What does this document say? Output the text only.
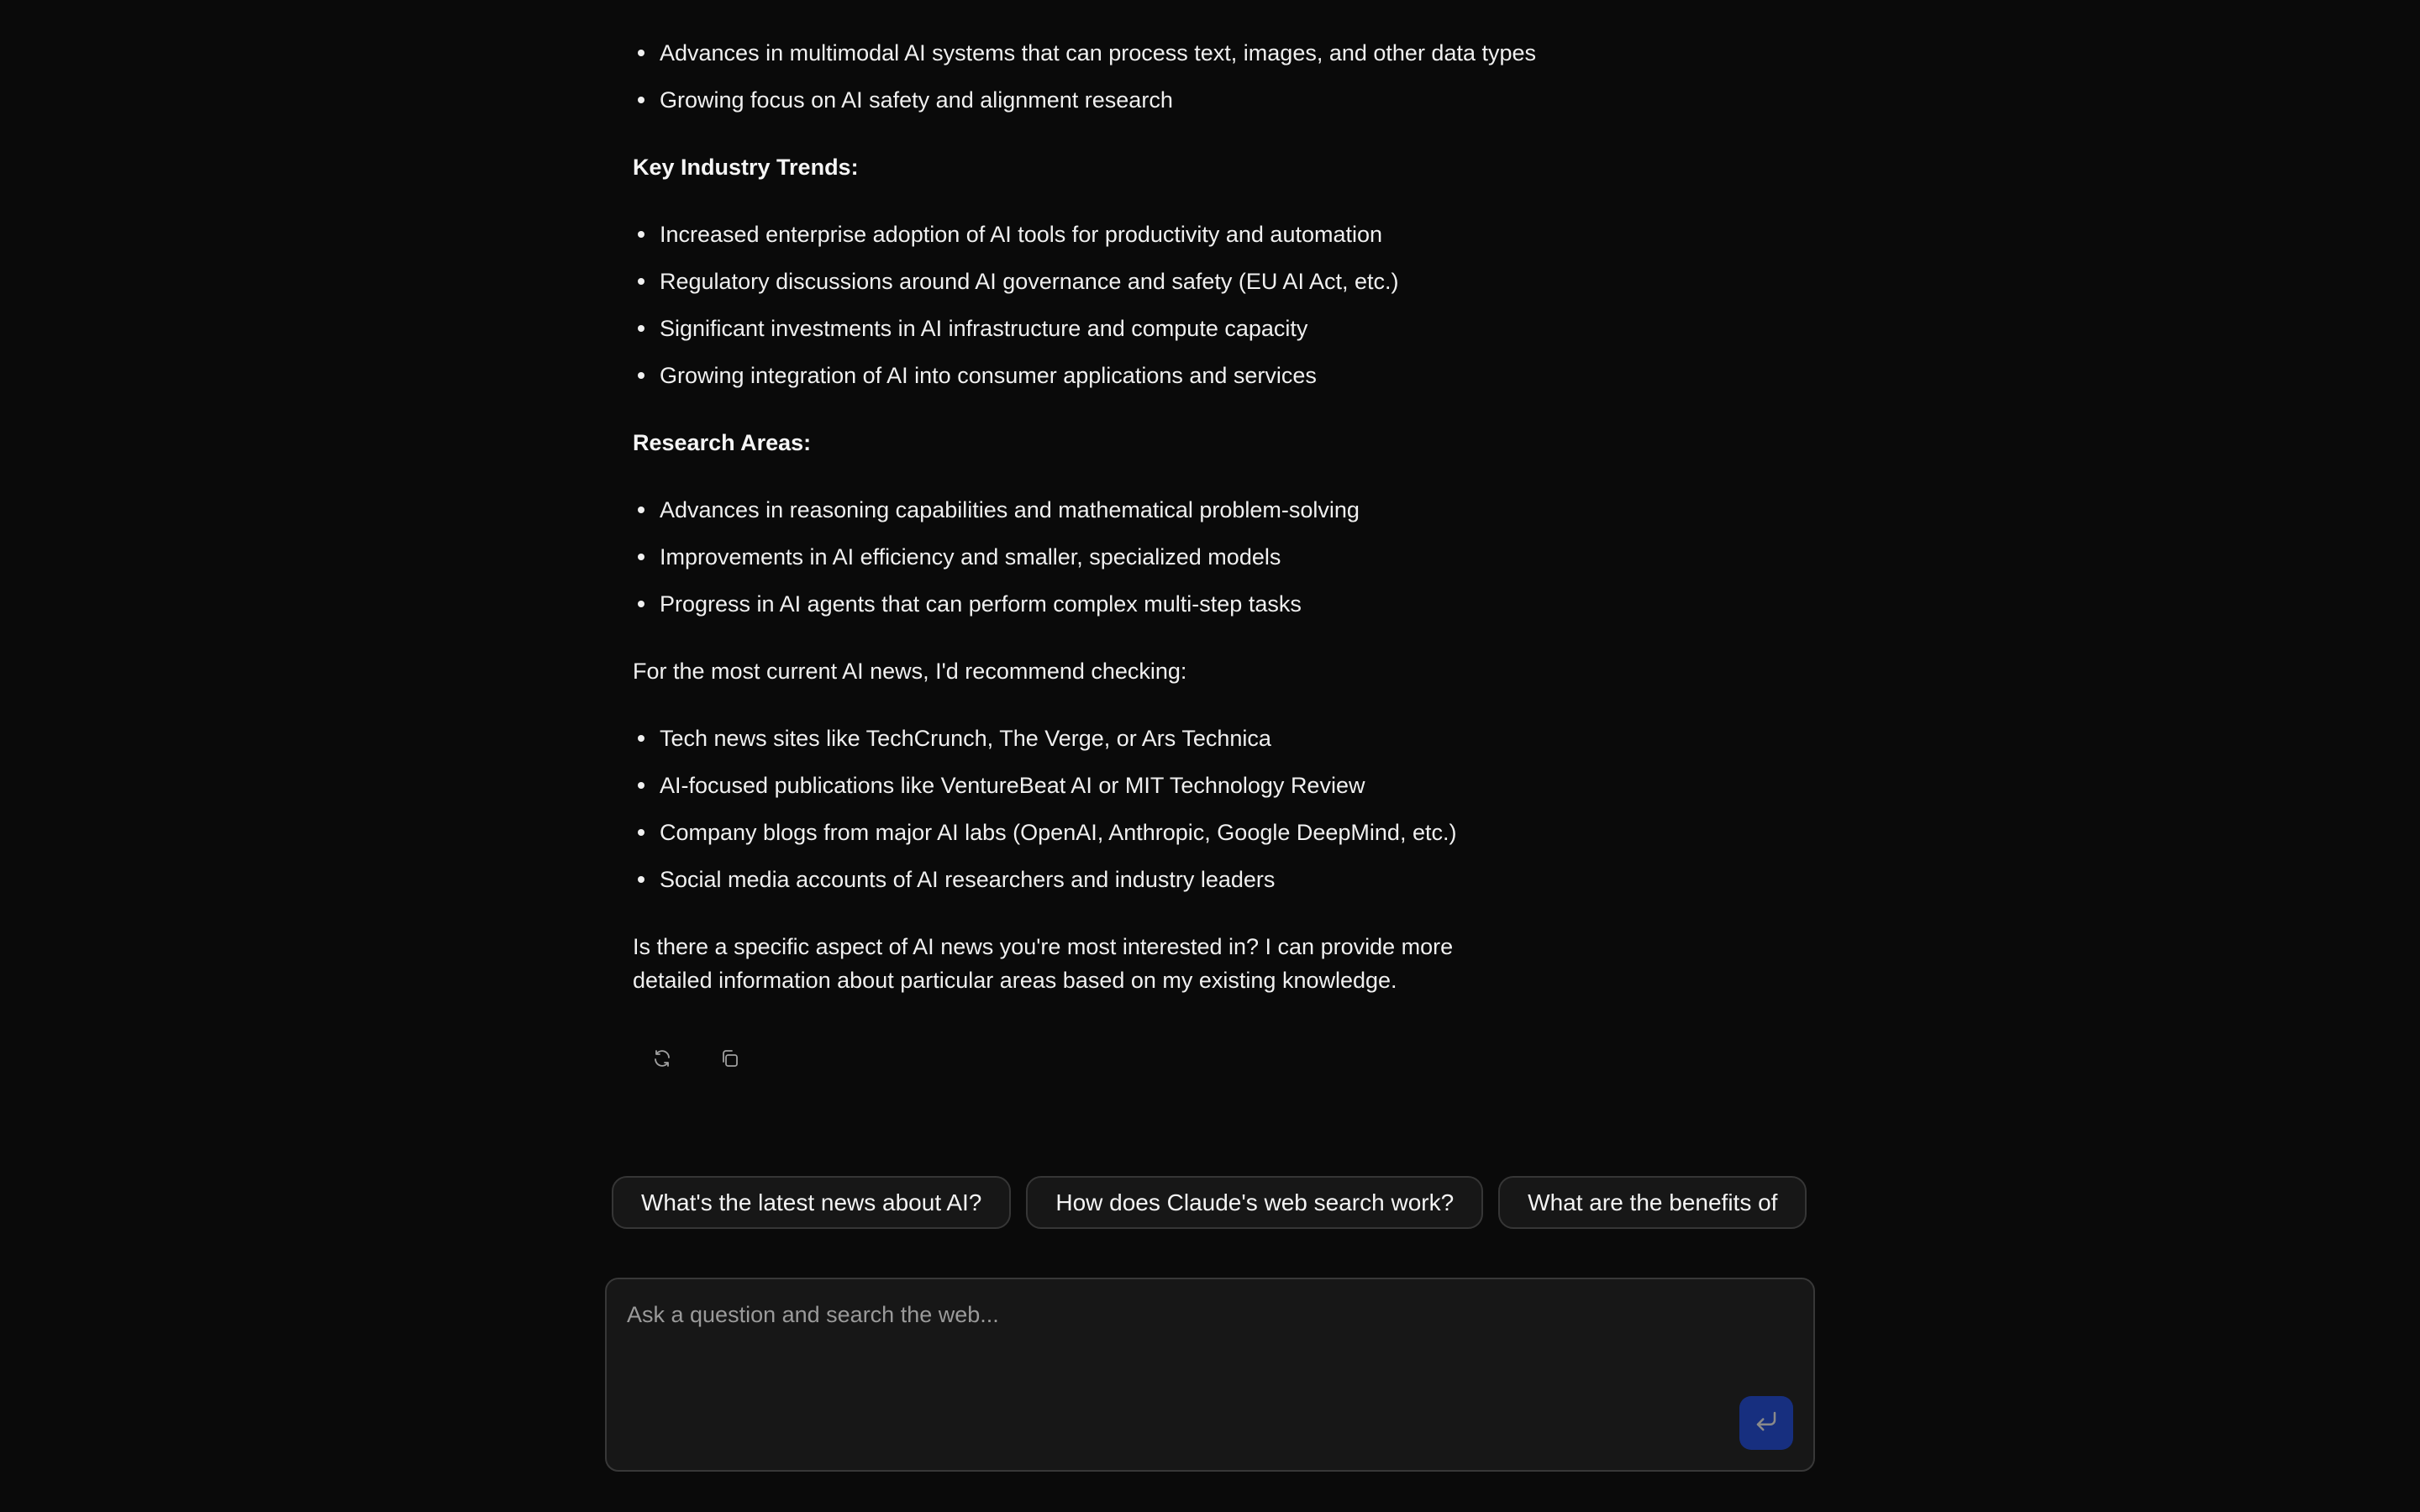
Advances in multimodal AI systems that can process text, images, and other data types
Growing focus on AI safety and alignment research
Key Industry Trends:
Increased enterprise adoption of AI tools for productivity and automation
Regulatory discussions around AI governance and safety (EU AI Act, etc.)
Significant investments in AI infrastructure and compute capacity
Growing integration of AI into consumer applications and services
Research Areas:
Advances in reasoning capabilities and mathematical problem-solving
Improvements in AI efficiency and smaller, specialized models
Progress in AI agents that can perform complex multi-step tasks

For the most current AI news, I'd recommend checking:

Tech news sites like TechCrunch, The Verge, or Ars Technica
AI-focused publications like VentureBeat AI or MIT Technology Review
Company blogs from major AI labs (OpenAI, Anthropic, Google DeepMind, etc.)
Social media accounts of AI researchers and industry leaders

Is there a specific aspect of AI news you're most interested in? I can provide more detailed information about particular areas based on my existing knowledge.

What's the latest news about AI?	How does Claude's web search work?	What are the benefits of
Ask a question and search the web...
